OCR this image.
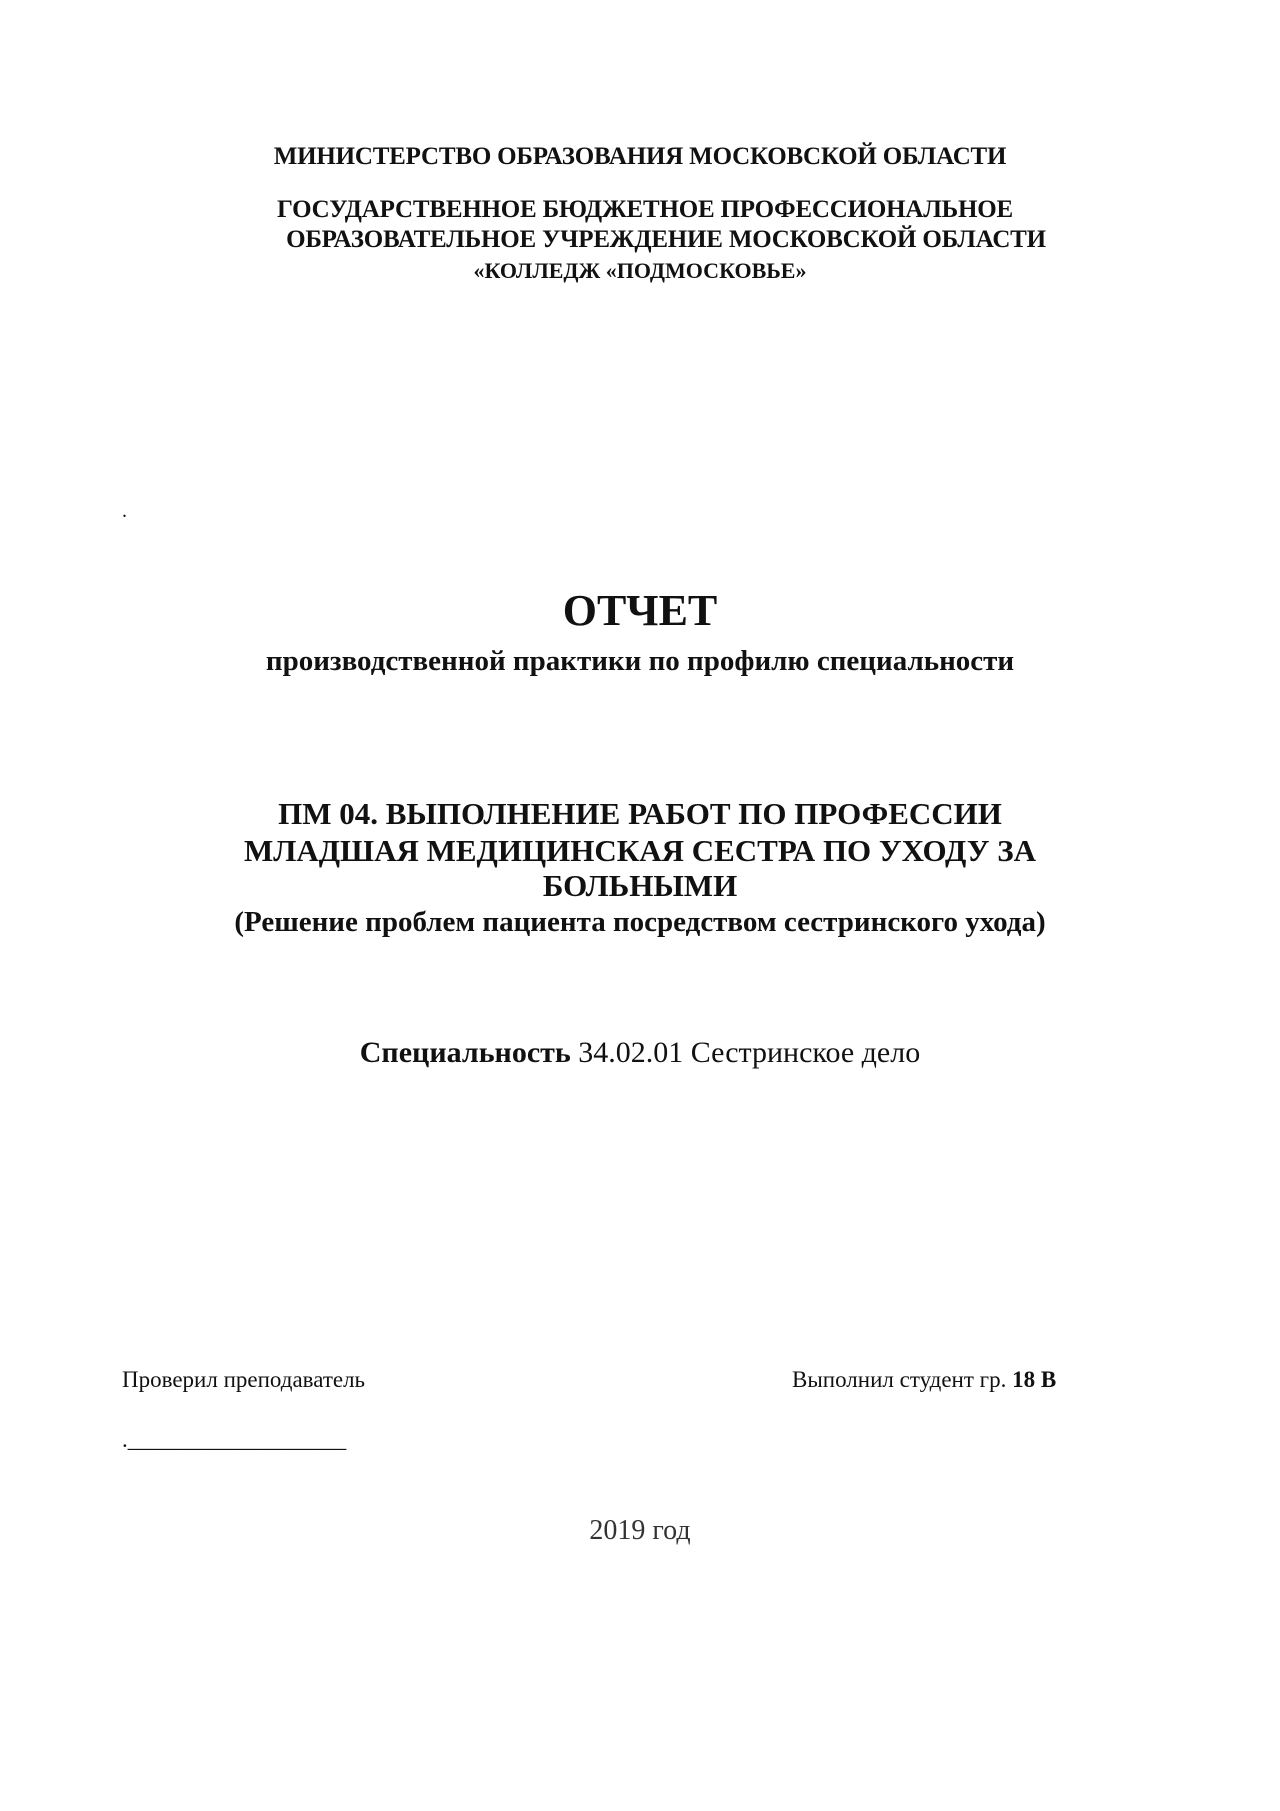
МИНИСТЕРСТВО ОБРАЗОВАНИЯ МОСКОВСКОЙ ОБЛАСТИ
ГОСУДАРСТВЕННОЕ БЮДЖЕТНОЕ ПРОФЕССИОНАЛЬНОЕ
ОБРАЗОВАТЕЛЬНОЕ УЧРЕЖДЕНИЕ МОСКОВСКОЙ ОБЛАСТИ
«КОЛЛЕДЖ «ПОДМОСКОВЬЕ»
.
ОТЧЕТ
производственной практики по профилю специальности
ПМ 04. ВЫПОЛНЕНИЕ РАБОТ ПО ПРОФЕССИИ
МЛАДШАЯ МЕДИЦИНСКАЯ СЕСТРА ПО УХОДУ ЗА
БОЛЬНЫМИ
(Решение проблем пациента посредством сестринского ухода)
Специальность 34.02.01 Сестринское дело
Проверил преподаватель	Выполнил студент гр. 18 В
.___________________
2019 год
